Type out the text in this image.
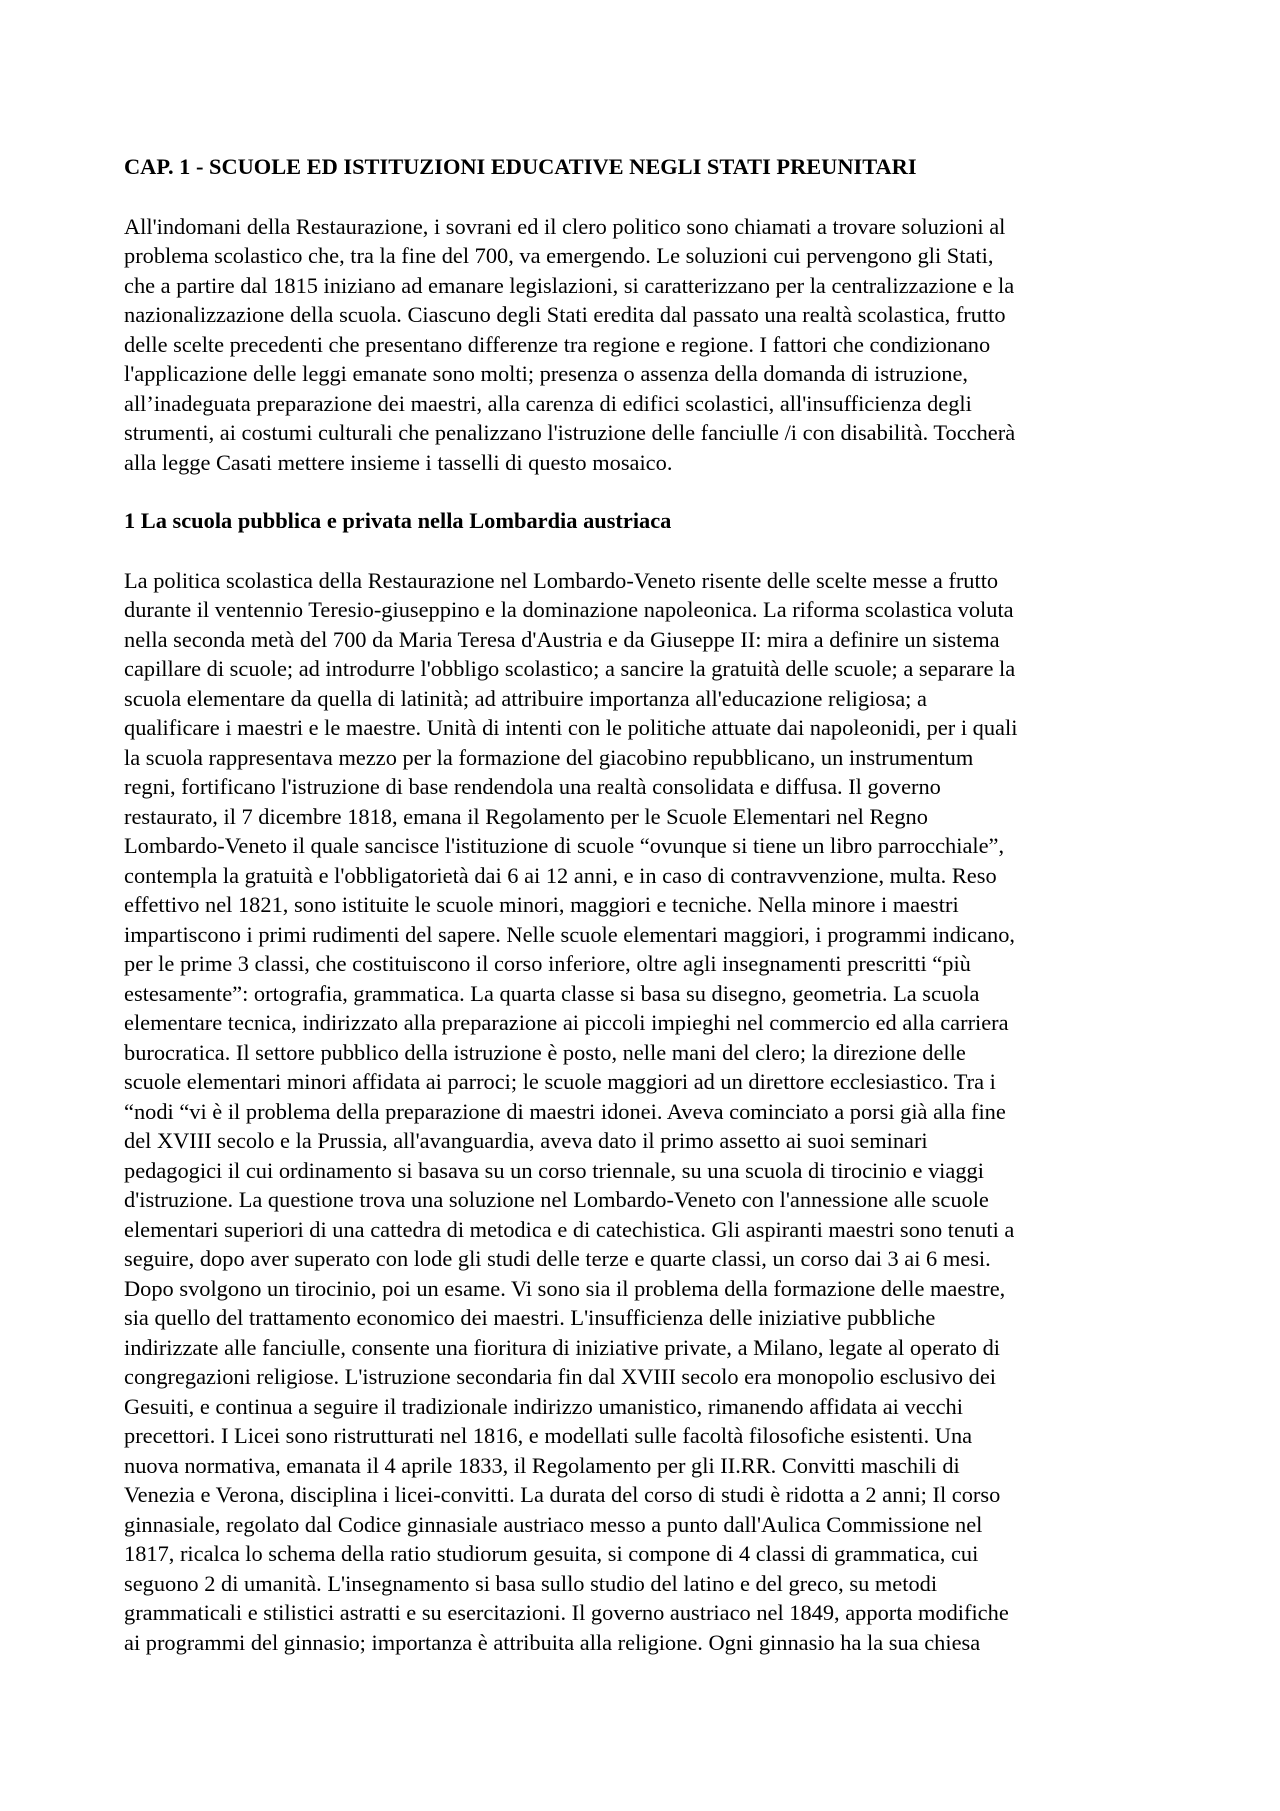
CAP. 1 - SCUOLE ED ISTITUZIONI EDUCATIVE NEGLI STATI PREUNITARI
All'indomani della Restaurazione, i sovrani ed il clero politico sono chiamati a trovare soluzioni al
problema scolastico che, tra la fine del 700, va emergendo. Le soluzioni cui pervengono gli Stati,
che a partire dal 1815 iniziano ad emanare legislazioni, si caratterizzano per la centralizzazione e la
nazionalizzazione della scuola. Ciascuno degli Stati eredita dal passato una realtà scolastica, frutto
delle scelte precedenti che presentano differenze tra regione e regione. I fattori che condizionano
l'applicazione delle leggi emanate sono molti; presenza o assenza della domanda di istruzione,
all’inadeguata preparazione dei maestri, alla carenza di edifici scolastici, all'insufficienza degli
strumenti, ai costumi culturali che penalizzano l'istruzione delle fanciulle /i con disabilità. Toccherà
alla legge Casati mettere insieme i tasselli di questo mosaico.
1 La scuola pubblica e privata nella Lombardia austriaca
La politica scolastica della Restaurazione nel Lombardo-Veneto risente delle scelte messe a frutto
durante il ventennio Teresio-giuseppino e la dominazione napoleonica. La riforma scolastica voluta
nella seconda metà del 700 da Maria Teresa d'Austria e da Giuseppe II: mira a definire un sistema
capillare di scuole; ad introdurre l'obbligo scolastico; a sancire la gratuità delle scuole; a separare la
scuola elementare da quella di latinità; ad attribuire importanza all'educazione religiosa; a
qualificare i maestri e le maestre. Unità di intenti con le politiche attuate dai napoleonidi, per i quali
la scuola rappresentava mezzo per la formazione del giacobino repubblicano, un instrumentum
regni, fortificano l'istruzione di base rendendola una realtà consolidata e diffusa. Il governo
restaurato, il 7 dicembre 1818, emana il Regolamento per le Scuole Elementari nel Regno
Lombardo-Veneto il quale sancisce l'istituzione di scuole “ovunque si tiene un libro parrocchiale”,
contempla la gratuità e l'obbligatorietà dai 6 ai 12 anni, e in caso di contravvenzione, multa. Reso
effettivo nel 1821, sono istituite le scuole minori, maggiori e tecniche. Nella minore i maestri
impartiscono i primi rudimenti del sapere. Nelle scuole elementari maggiori, i programmi indicano,
per le prime 3 classi, che costituiscono il corso inferiore, oltre agli insegnamenti prescritti “più
estesamente”: ortografia, grammatica. La quarta classe si basa su disegno, geometria. La scuola
elementare tecnica, indirizzato alla preparazione ai piccoli impieghi nel commercio ed alla carriera
burocratica. Il settore pubblico della istruzione è posto, nelle mani del clero; la direzione delle
scuole elementari minori affidata ai parroci; le scuole maggiori ad un direttore ecclesiastico. Tra i
“nodi “vi è il problema della preparazione di maestri idonei. Aveva cominciato a porsi già alla fine
del XVIII secolo e la Prussia, all'avanguardia, aveva dato il primo assetto ai suoi seminari
pedagogici il cui ordinamento si basava su un corso triennale, su una scuola di tirocinio e viaggi
d'istruzione. La questione trova una soluzione nel Lombardo-Veneto con l'annessione alle scuole
elementari superiori di una cattedra di metodica e di catechistica. Gli aspiranti maestri sono tenuti a
seguire, dopo aver superato con lode gli studi delle terze e quarte classi, un corso dai 3 ai 6 mesi.
Dopo svolgono un tirocinio, poi un esame. Vi sono sia il problema della formazione delle maestre,
sia quello del trattamento economico dei maestri. L'insufficienza delle iniziative pubbliche
indirizzate alle fanciulle, consente una fioritura di iniziative private, a Milano, legate al operato di
congregazioni religiose. L'istruzione secondaria fin dal XVIII secolo era monopolio esclusivo dei
Gesuiti, e continua a seguire il tradizionale indirizzo umanistico, rimanendo affidata ai vecchi
precettori. I Licei sono ristrutturati nel 1816, e modellati sulle facoltà filosofiche esistenti. Una
nuova normativa, emanata il 4 aprile 1833, il Regolamento per gli II.RR. Convitti maschili di
Venezia e Verona, disciplina i licei-convitti. La durata del corso di studi è ridotta a 2 anni; Il corso
ginnasiale, regolato dal Codice ginnasiale austriaco messo a punto dall'Aulica Commissione nel
1817, ricalca lo schema della ratio studiorum gesuita, si compone di 4 classi di grammatica, cui
seguono 2 di umanità. L'insegnamento si basa sullo studio del latino e del greco, su metodi
grammaticali e stilistici astratti e su esercitazioni. Il governo austriaco nel 1849, apporta modifiche
ai programmi del ginnasio; importanza è attribuita alla religione. Ogni ginnasio ha la sua chiesa
